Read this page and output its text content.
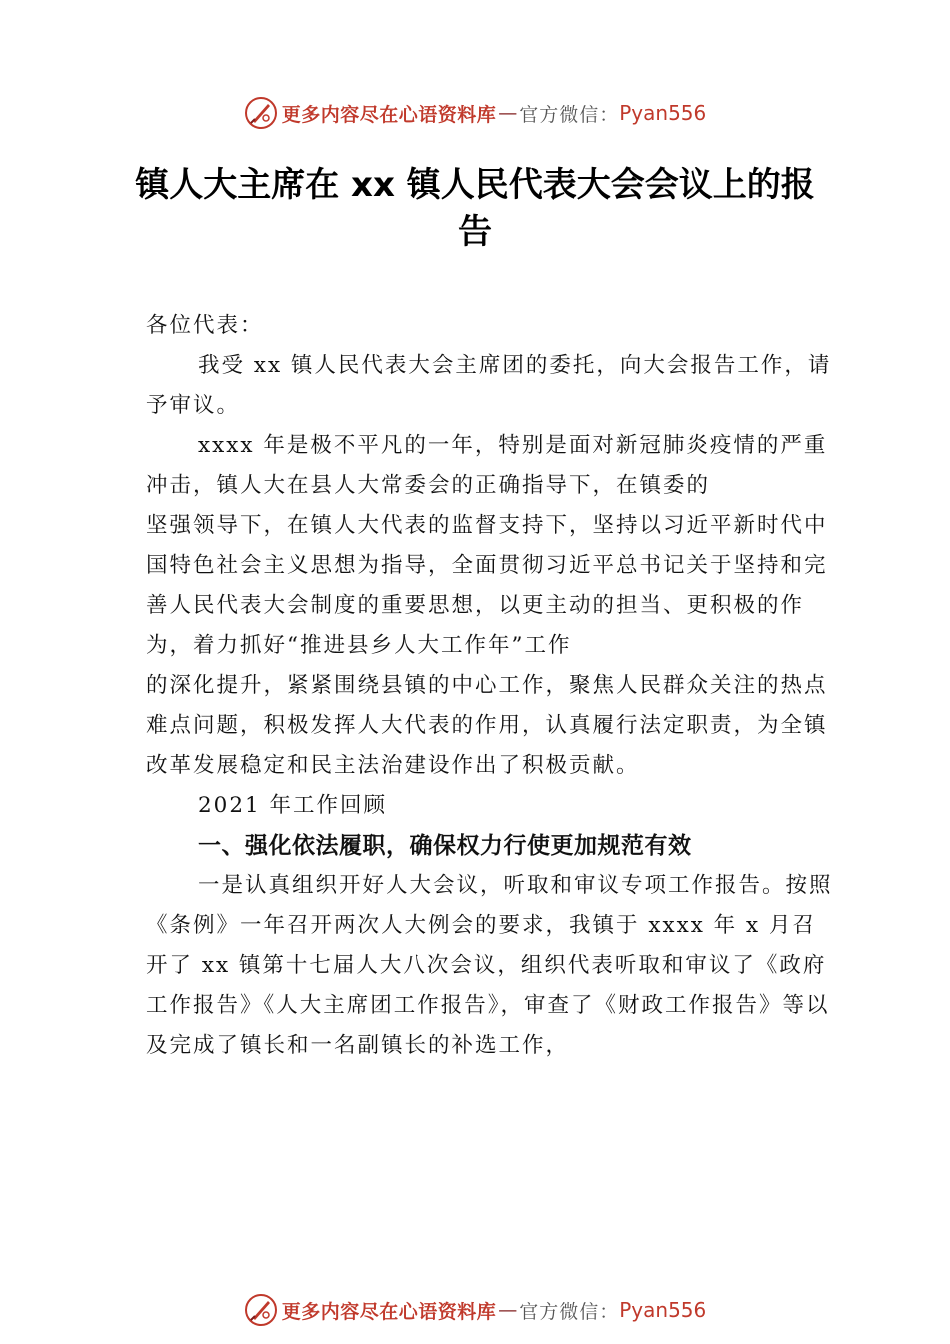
更多内容尽在心语资料库 — 官方微信： Pyan556
镇人大主席在 xx 镇人民代表大会会议上的报告

各位代表：

我受 xx 镇人民代表大会主席团的委托，向大会报告工作，请予审议。

xxxx 年是极不平凡的一年，特别是面对新冠肺炎疫情的严重冲击，镇人大在县人大常委会的正确指导下，在镇委的

坚强领导下，在镇人大代表的监督支持下，坚持以习近平新时代中国特色社会主义思想为指导，全面贯彻习近平总书记关于坚持和完善人民代表大会制度的重要思想，以更主动的担当、更积极的作为，着力抓好“推进县乡人大工作年”工作

的深化提升，紧紧围绕县镇的中心工作，聚焦人民群众关注的热点难点问题，积极发挥人大代表的作用，认真履行法定职责，为全镇改革发展稳定和民主法治建设作出了积极贡献。

2021 年工作回顾

一、强化依法履职，确保权力行使更加规范有效

一是认真组织开好人大会议，听取和审议专项工作报告。按照《条例》一年召开两次人大例会的要求，我镇于 xxxx 年 x 月召开了 xx 镇第十七届人大八次会议，组织代表听取和审议了《政府工作报告》《人大主席团工作报告》，审查了《财政工作报告》等以及完成了镇长和一名副镇长的补选工作，

更多内容尽在心语资料库 — 官方微信： Pyan556
